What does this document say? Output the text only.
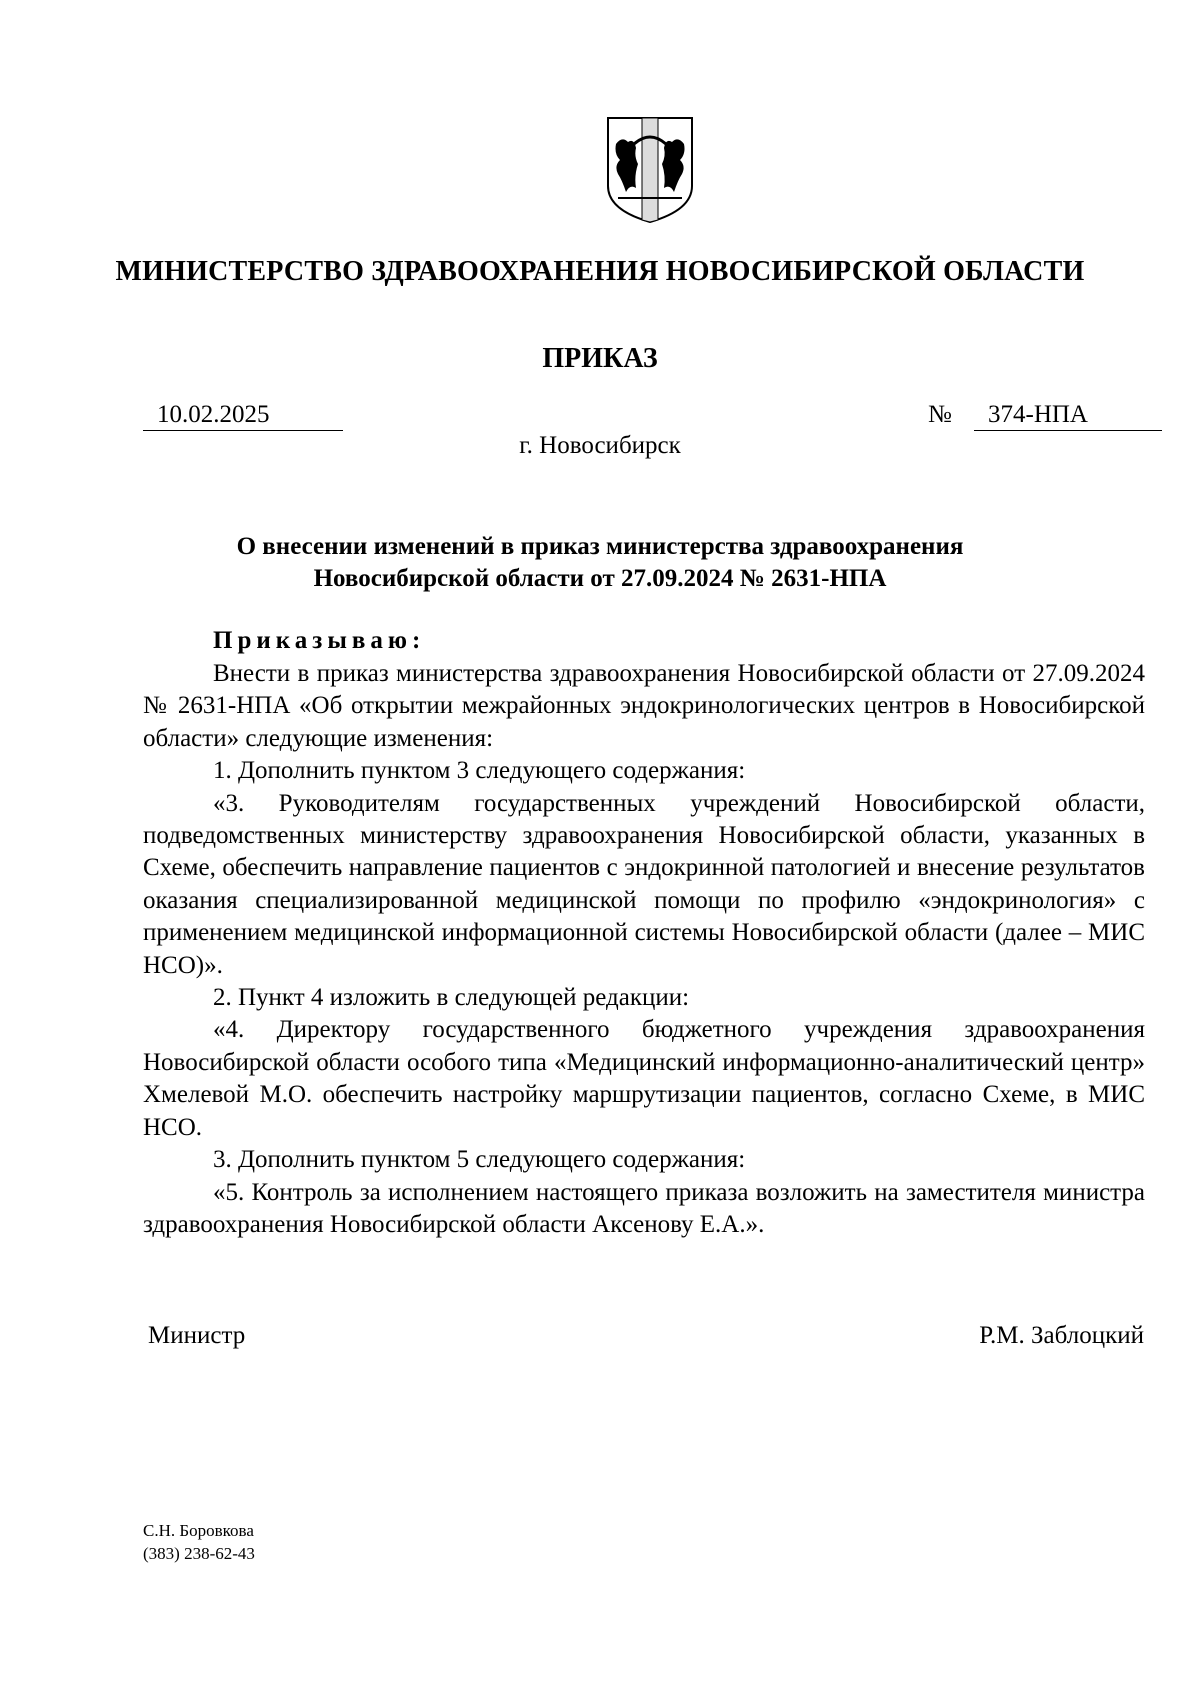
МИНИСТЕРСТВО ЗДРАВООХРАНЕНИЯ НОВОСИБИРСКОЙ ОБЛАСТИ
ПРИКАЗ
10.02.2025	№	374-НПА
г. Новосибирск
О внесении изменений в приказ министерства здравоохранения
Новосибирской области от 27.09.2024 № 2631-НПА
Приказываю:

Внести в приказ министерства здравоохранения Новосибирской области от 27.09.2024 № 2631-НПА «Об открытии межрайонных эндокринологических центров в Новосибирской области» следующие изменения:

1. Дополнить пунктом 3 следующего содержания:

«3. Руководителям государственных учреждений Новосибирской области, подведомственных министерству здравоохранения Новосибирской области, указанных в Схеме, обеспечить направление пациентов с эндокринной патологией и внесение результатов оказания специализированной медицинской помощи по профилю «эндокринология» с применением медицинской информационной системы Новосибирской области (далее – МИС НСО)».

2. Пункт 4 изложить в следующей редакции:

«4. Директору государственного бюджетного учреждения здравоохранения Новосибирской области особого типа «Медицинский информационно-аналитический центр» Хмелевой М.О. обеспечить настройку маршрутизации пациентов, согласно Схеме, в МИС НСО.

3. Дополнить пунктом 5 следующего содержания:

«5. Контроль за исполнением настоящего приказа возложить на заместителя министра здравоохранения Новосибирской области Аксенову Е.А.».

Министр	Р.М. Заблоцкий
С.Н. Боровкова
(383) 238-62-43
